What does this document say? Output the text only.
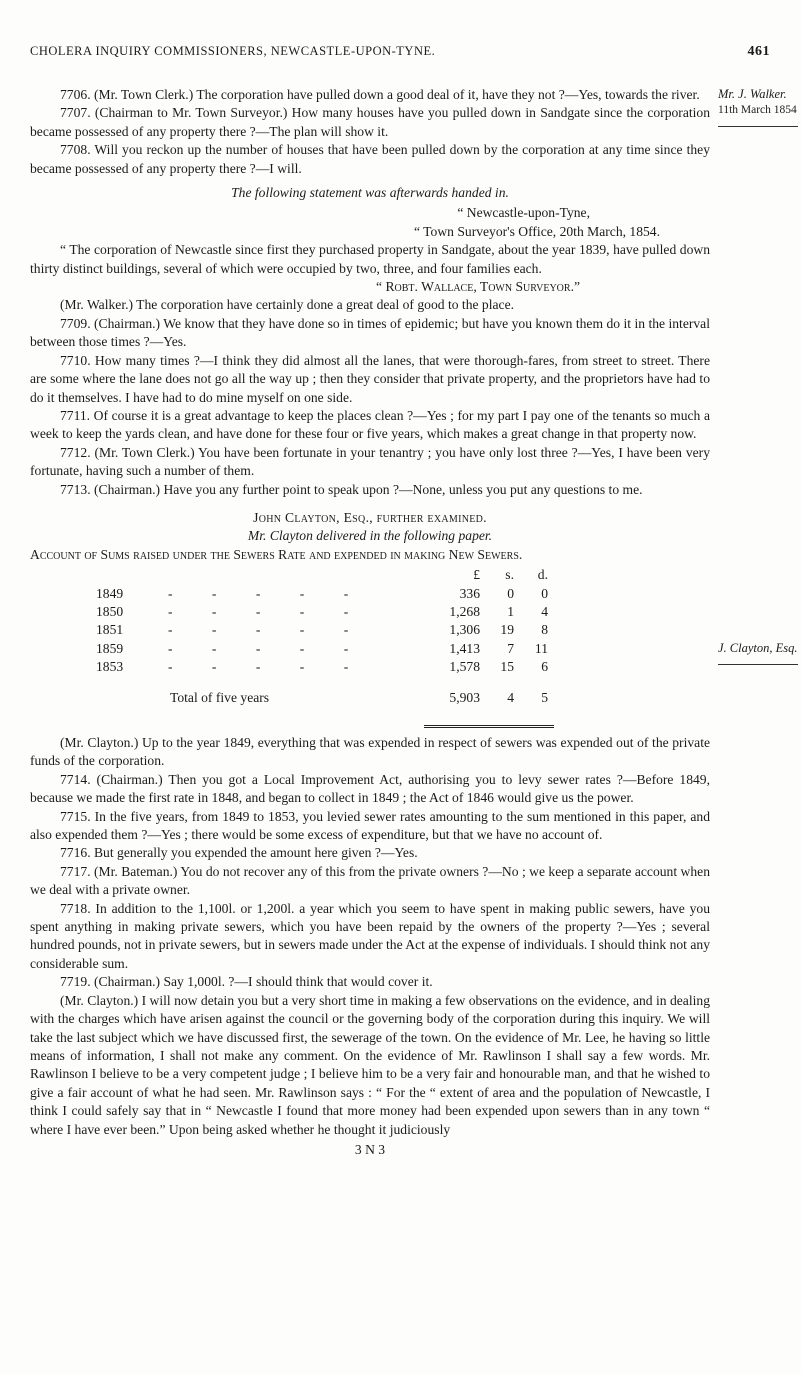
CHOLERA INQUIRY COMMISSIONERS, NEWCASTLE-UPON-TYNE.	461
Mr. J. Walker.
11th March 1854
J. Clayton, Esq.

7706. (Mr. Town Clerk.) The corporation have pulled down a good deal of it, have they not ?—Yes, towards the river.

7707. (Chairman to Mr. Town Surveyor.) How many houses have you pulled down in Sandgate since the corporation became possessed of any property there ?—The plan will show it.

7708. Will you reckon up the number of houses that have been pulled down by the corporation at any time since they became possessed of any property there ?—I will.

The following statement was afterwards handed in.

“ Newcastle-upon-Tyne,

“ Town Surveyor's Office, 20th March, 1854.

“ The corporation of Newcastle since first they purchased property in Sandgate, about the year 1839, have pulled down thirty distinct buildings, several of which were occupied by two, three, and four families each.

“ Robt. Wallace, Town Surveyor.”

(Mr. Walker.) The corporation have certainly done a great deal of good to the place.

7709. (Chairman.) We know that they have done so in times of epidemic; but have you known them do it in the interval between those times ?—Yes.

7710. How many times ?—I think they did almost all the lanes, that were thorough-fares, from street to street. There are some where the lane does not go all the way up ; then they consider that private property, and the proprietors have had to do it themselves. I have had to do mine myself on one side.

7711. Of course it is a great advantage to keep the places clean ?—Yes ; for my part I pay one of the tenants so much a week to keep the yards clean, and have done for these four or five years, which makes a great change in that property now.

7712. (Mr. Town Clerk.) You have been fortunate in your tenantry ; you have only lost three ?—Yes, I have been very fortunate, having such a number of them.

7713. (Chairman.) Have you any further point to speak upon ?—None, unless you put any questions to me.

John Clayton, Esq., further examined.

Mr. Clayton delivered in the following paper.

Account of Sums raised under the Sewers Rate and expended in making New Sewers.

		£	s.	d.
1849	- - - - -	336	0	0
1850	- - - - -	1,268	1	4
1851	- - - - -	1,306	19	8
1859	- - - - -	1,413	7	11
1853	- - - - -	1,578	15	6
Total of five years		5,903	4	5

(Mr. Clayton.) Up to the year 1849, everything that was expended in respect of sewers was expended out of the private funds of the corporation.

7714. (Chairman.) Then you got a Local Improvement Act, authorising you to levy sewer rates ?—Before 1849, because we made the first rate in 1848, and began to collect in 1849 ; the Act of 1846 would give us the power.

7715. In the five years, from 1849 to 1853, you levied sewer rates amounting to the sum mentioned in this paper, and also expended them ?—Yes ; there would be some excess of expenditure, but that we have no account of.

7716. But generally you expended the amount here given ?—Yes.

7717. (Mr. Bateman.) You do not recover any of this from the private owners ?—No ; we keep a separate account when we deal with a private owner.

7718. In addition to the 1,100l. or 1,200l. a year which you seem to have spent in making public sewers, have you spent anything in making private sewers, which you have been repaid by the owners of the property ?—Yes ; several hundred pounds, not in private sewers, but in sewers made under the Act at the expense of individuals. I should think not any considerable sum.

7719. (Chairman.) Say 1,000l. ?—I should think that would cover it.

(Mr. Clayton.) I will now detain you but a very short time in making a few observations on the evidence, and in dealing with the charges which have arisen against the council or the governing body of the corporation during this inquiry. We will take the last subject which we have discussed first, the sewerage of the town. On the evidence of Mr. Lee, he having so little means of information, I shall not make any comment. On the evidence of Mr. Rawlinson I shall say a few words. Mr. Rawlinson I believe to be a very competent judge ; I believe him to be a very fair and honourable man, and that he wished to give a fair account of what he had seen. Mr. Rawlinson says : “ For the “ extent of area and the population of Newcastle, I think I could safely say that in “ Newcastle I found that more money had been expended upon sewers than in any town “ where I have ever been.” Upon being asked whether he thought it judiciously

3 N 3
